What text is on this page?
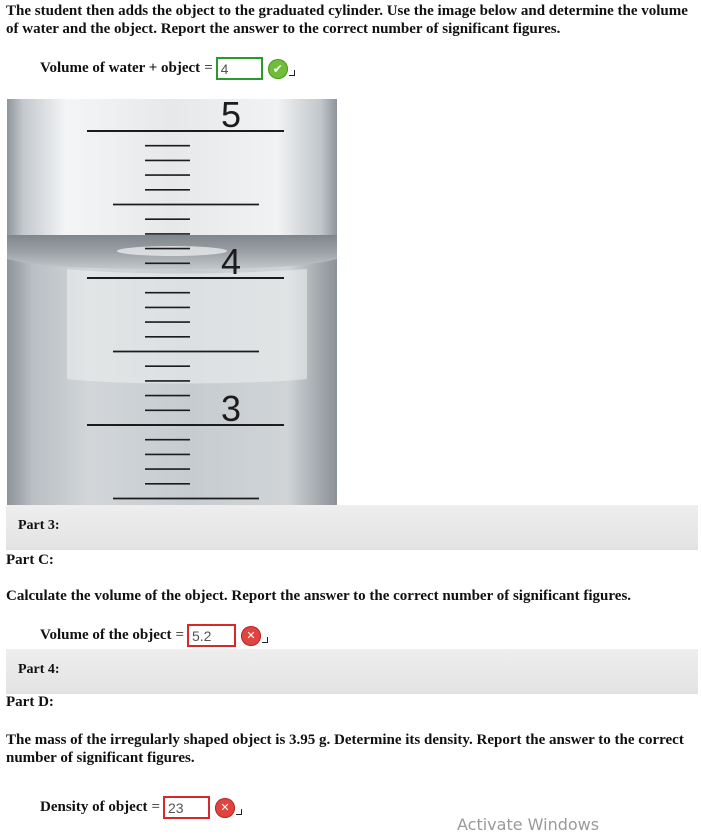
The student then adds the object to the graduated cylinder. Use the image below and determine the volume of water and the object. Report the answer to the correct number of significant figures.

Volume of water + object =
4	✔
5
4
3
Part 3:
Part C:

Calculate the volume of the object. Report the answer to the correct number of significant figures.

Volume of the object =
5.2	✕
Part 4:
Part D:

The mass of the irregularly shaped object is 3.95 g. Determine its density. Report the answer to the correct number of significant figures.

Density of object =
23	✕
Activate Windows
